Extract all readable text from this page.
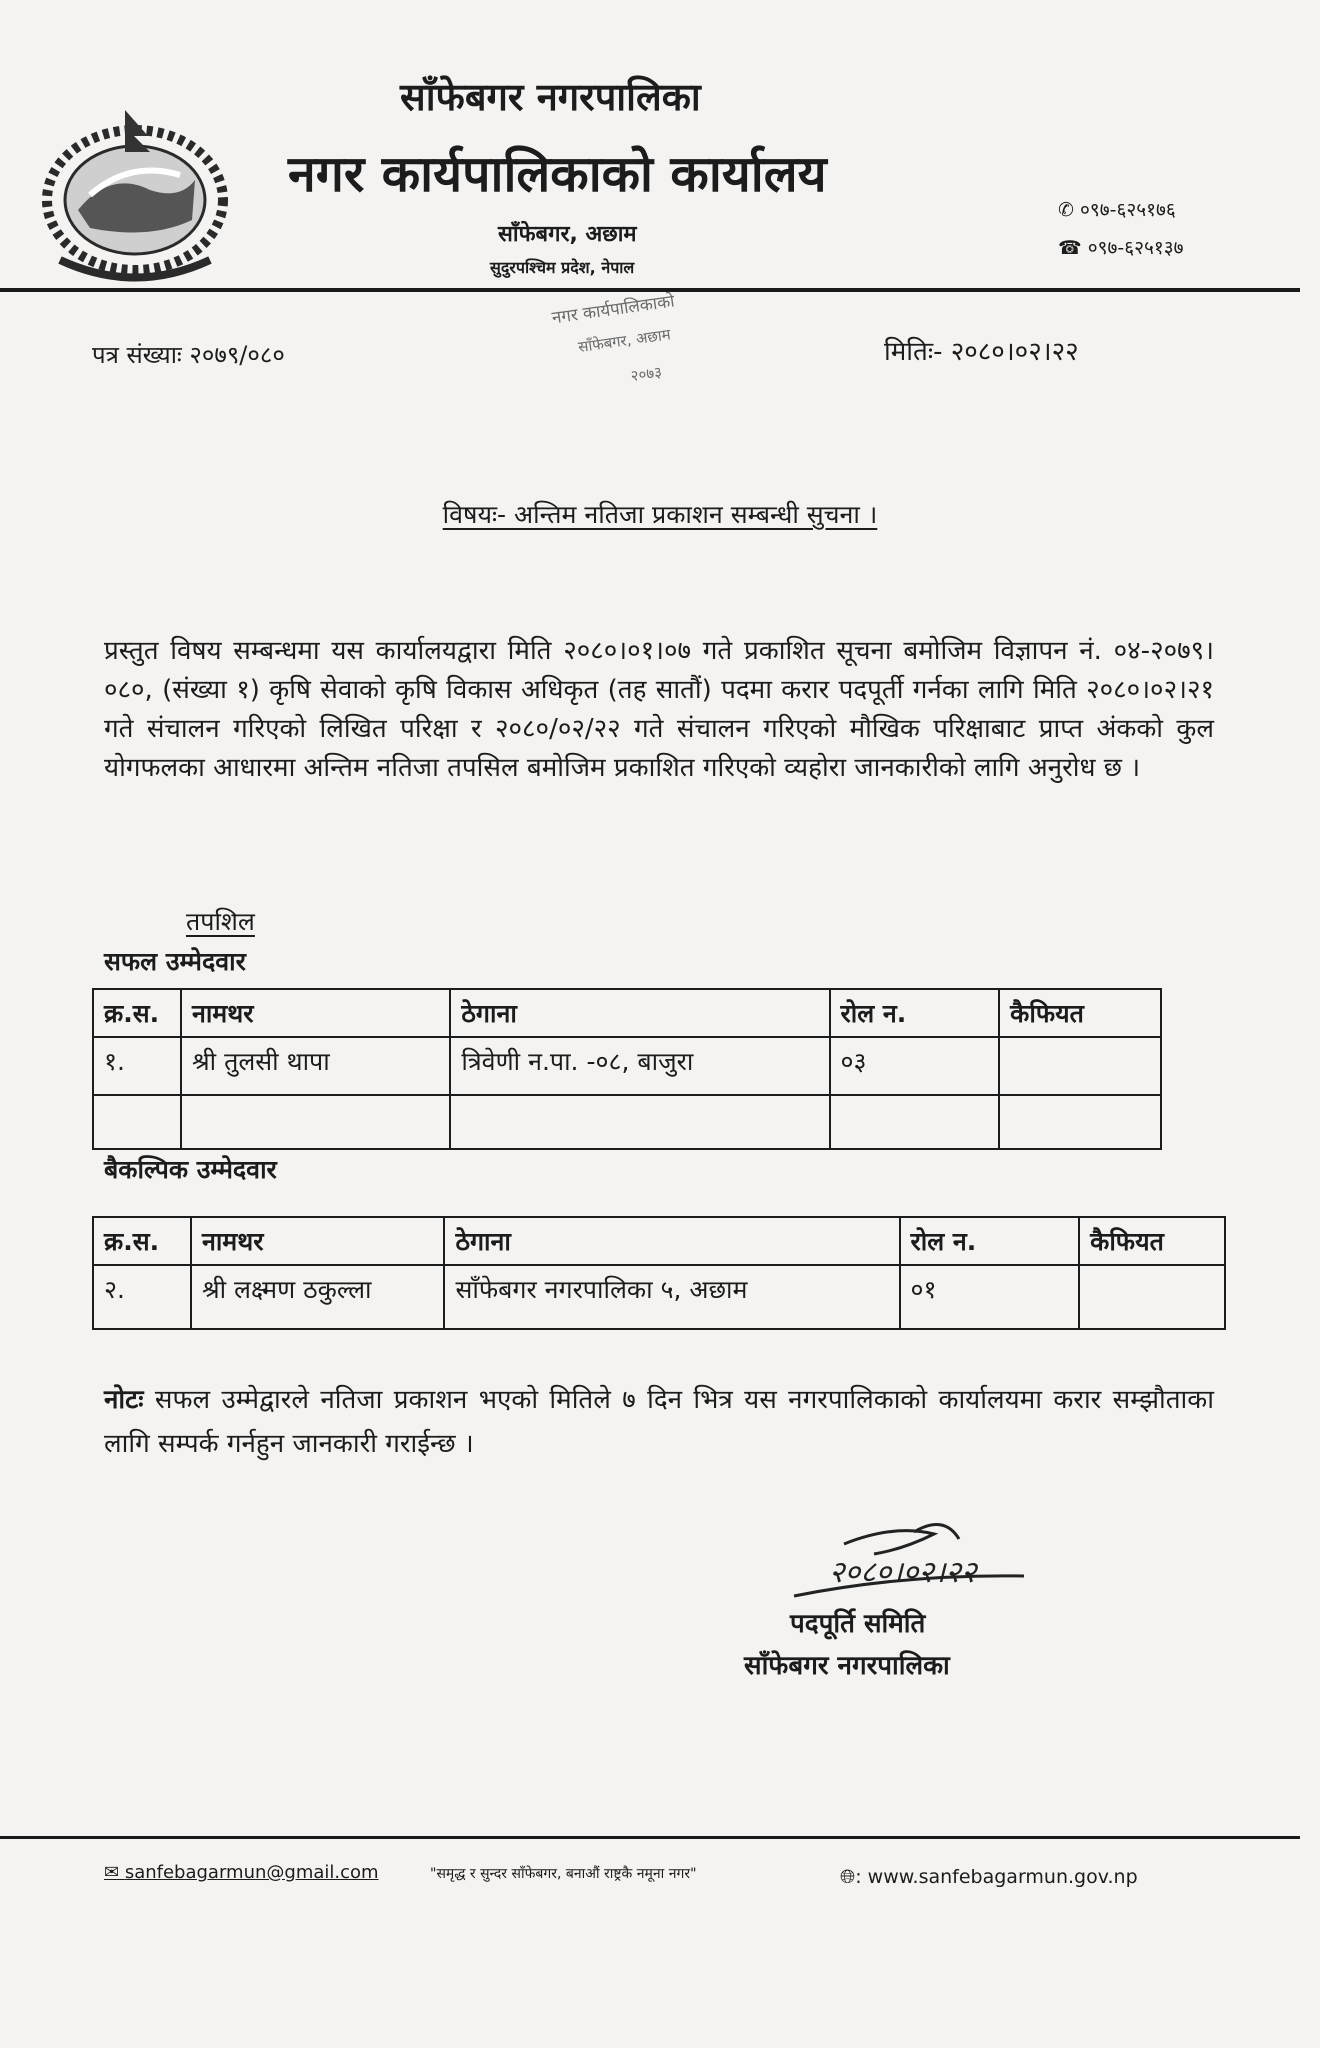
साँफेबगर नगरपालिका
नगर कार्यपालिकाको कार्यालय
साँफेबगर, अछाम
सुदुरपश्चिम प्रदेश, नेपाल
✆ ०९७-६२५१७६
☎ ०९७-६२५१३७
नगर कार्यपालिकाको
साँफेबगर, अछाम
२०७३
पत्र संख्याः २०७९/०८०	मितिः- २०८०।०२।२२
विषयः- अन्तिम नतिजा प्रकाशन सम्बन्धी सुचना ।
प्रस्तुत विषय सम्बन्धमा यस कार्यालयद्वारा मिति २०८०।०१।०७ गते प्रकाशित सूचना बमोजिम विज्ञापन नं. ०४-२०७९।०८०, (संख्या १) कृषि सेवाको कृषि विकास अधिकृत (तह सातौं) पदमा करार पदपूर्ती गर्नका लागि मिति २०८०।०२।२१ गते संचालन गरिएको लिखित परिक्षा र २०८०/०२/२२ गते संचालन गरिएको मौखिक परिक्षाबाट प्राप्त अंकको कुल योगफलका आधारमा अन्तिम नतिजा तपसिल बमोजिम प्रकाशित गरिएको व्यहोरा जानकारीको लागि अनुरोध छ ।
तपशिल
सफल उम्मेदवार
क्र.स.	नामथर	ठेगाना	रोल न.	कैफियत
१.	श्री तुलसी थापा	त्रिवेणी न.पा. -०८, बाजुरा	०३	

बैकल्पिक उम्मेदवार
क्र.स.	नामथर	ठेगाना	रोल न.	कैफियत
२.	श्री लक्ष्मण ठकुल्ला	साँफेबगर नगरपालिका ५, अछाम	०१	
नोटः सफल उम्मेद्वारले नतिजा प्रकाशन भएको मितिले ७ दिन भित्र यस नगरपालिकाको कार्यालयमा करार सम्झौताका लागि सम्पर्क गर्नहुन जानकारी गराईन्छ ।
२०८०।०२।२२
पदपूर्ति समिति
साँफेबगर नगरपालिका
✉ sanfebagarmun@gmail.com	"समृद्ध र सुन्दर साँफेबगर, बनाऔं राष्ट्रकै नमूना नगर"	🌐︎: www.sanfebagarmun.gov.np
